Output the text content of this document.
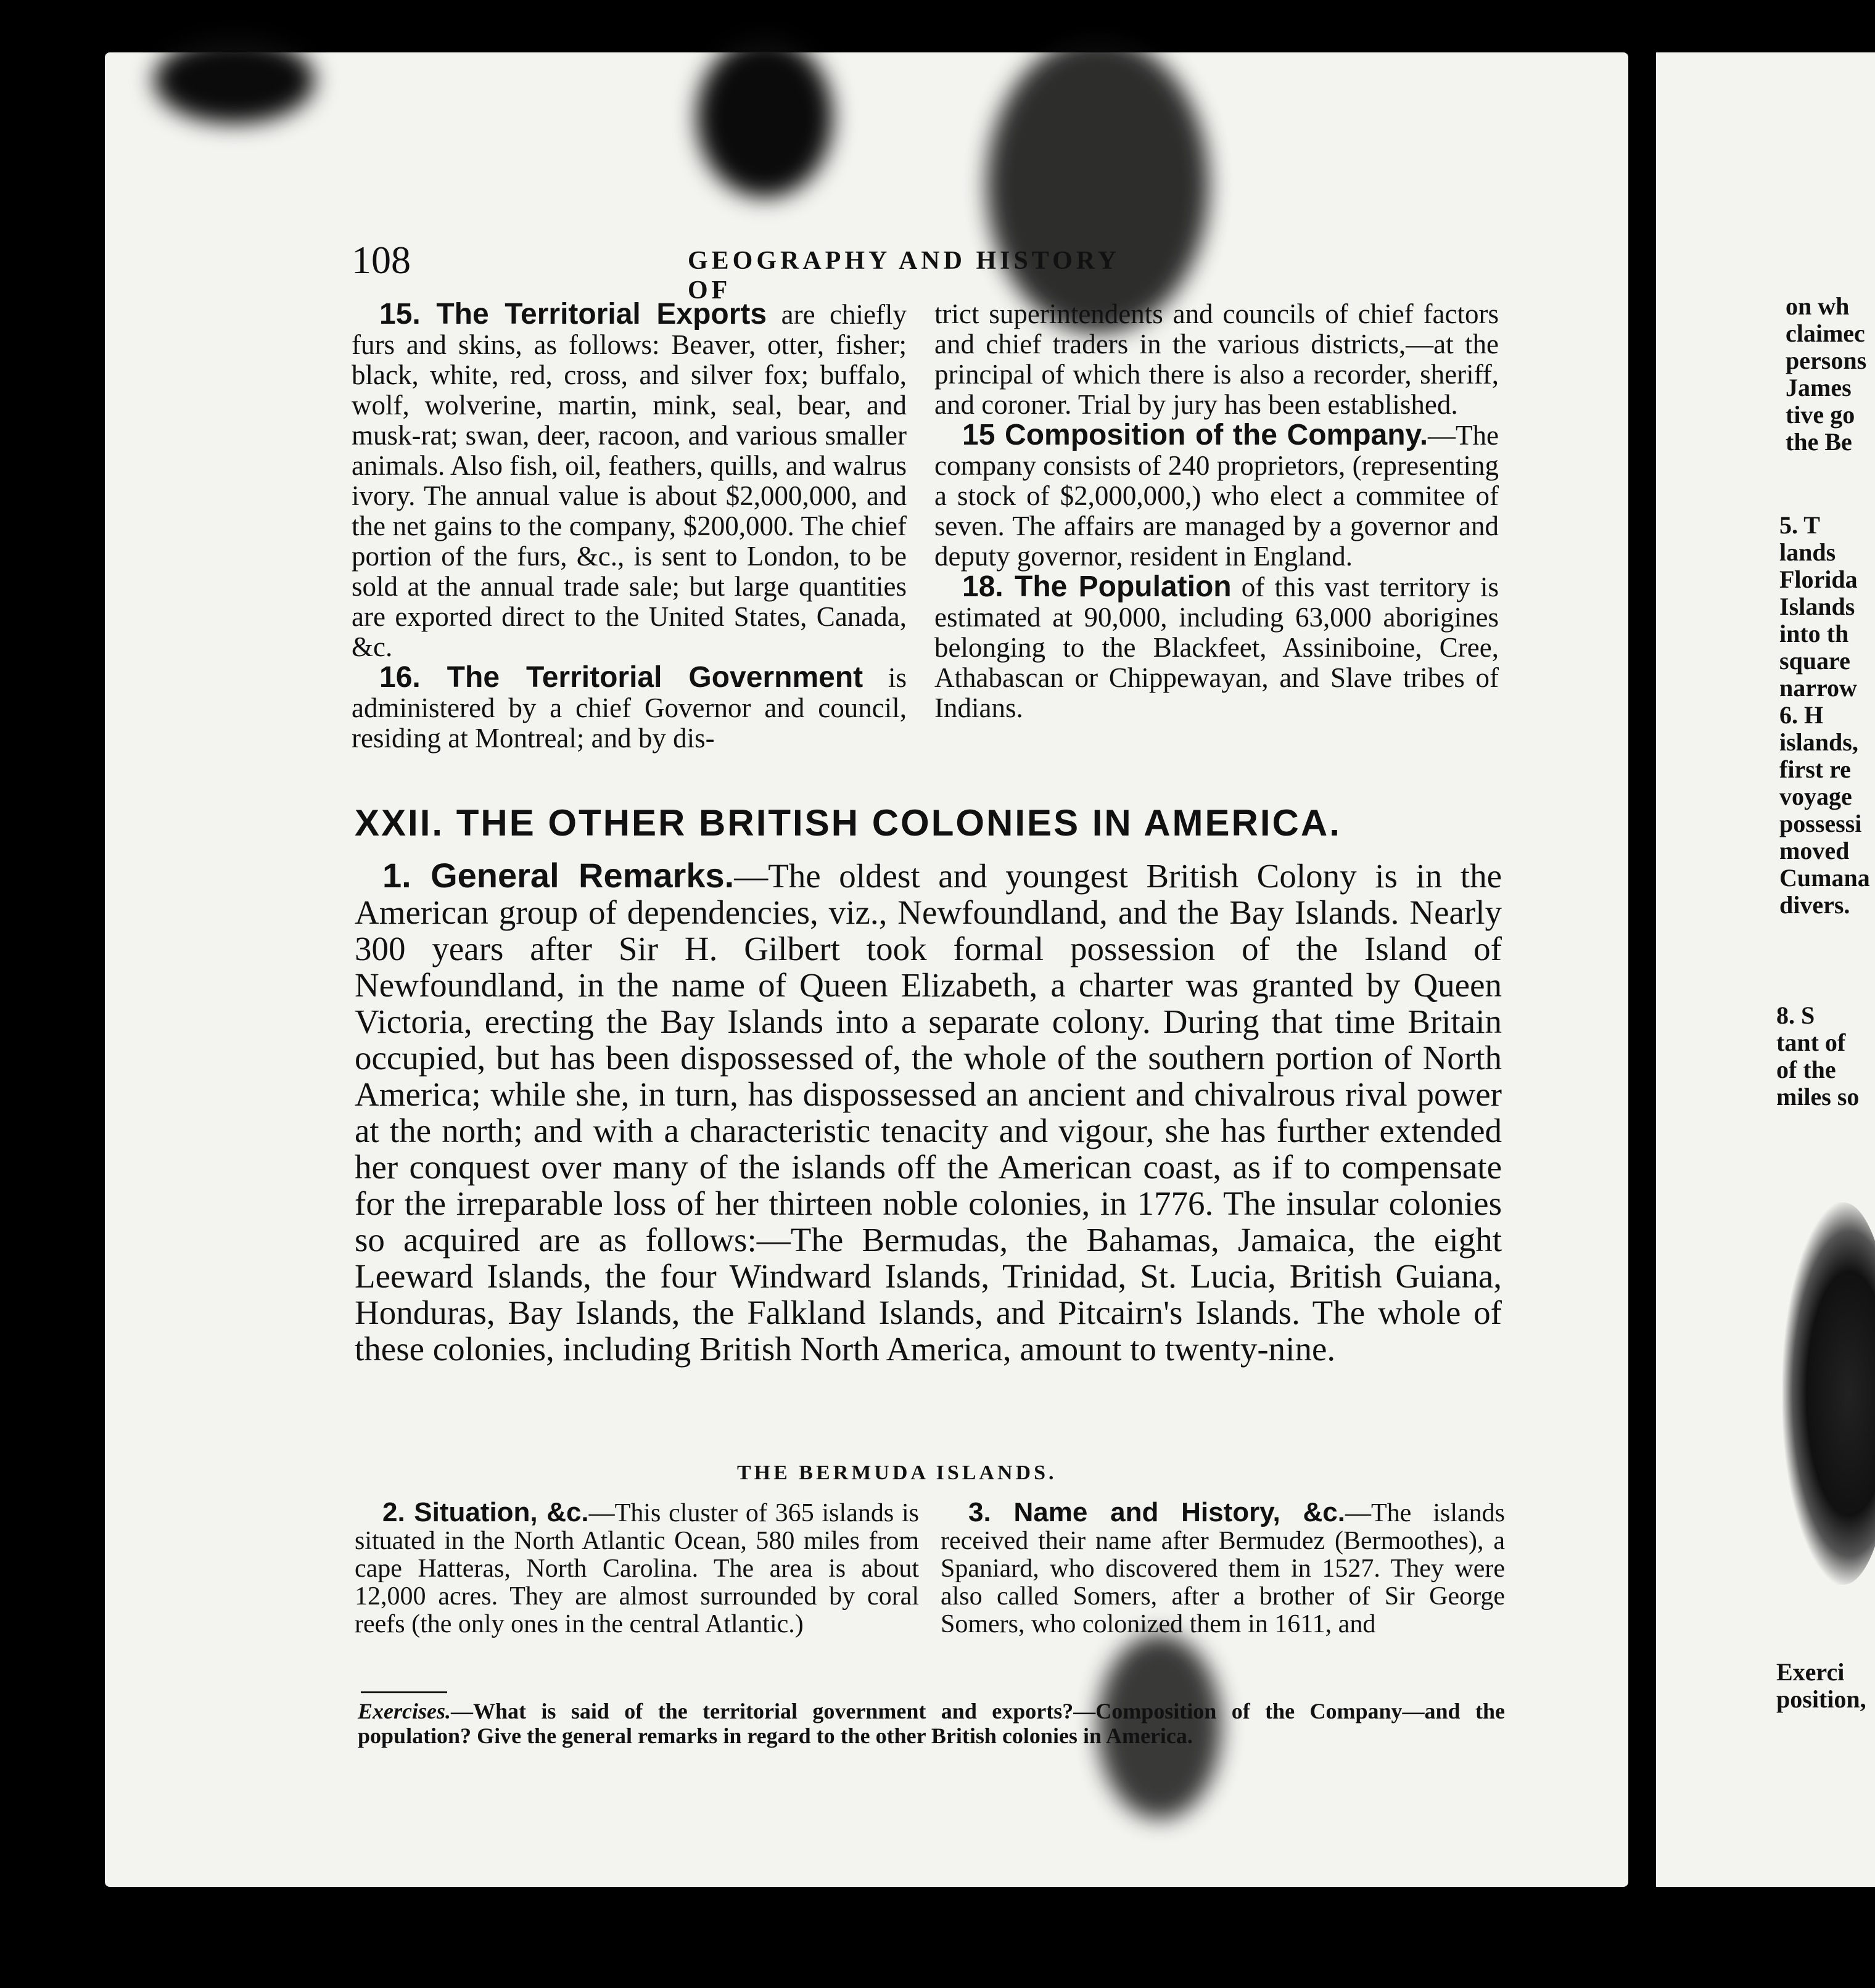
108	GEOGRAPHY AND HISTORY OF

15. The Territorial Exports are chiefly furs and skins, as follows: Beaver, otter, fisher; black, white, red, cross, and silver fox; buffalo, wolf, wolverine, martin, mink, seal, bear, and musk-rat; swan, deer, racoon, and various smaller animals. Also fish, oil, feathers, quills, and walrus ivory. The annual value is about $2,000,000, and the net gains to the company, $200,000. The chief portion of the furs, &c., is sent to London, to be sold at the annual trade sale; but large quantities are exported direct to the United States, Canada, &c.

16. The Territorial Government is administered by a chief Governor and council, residing at Montreal; and by dis-

trict superintendents and councils of chief factors and chief traders in the various districts,—at the principal of which there is also a recorder, sheriff, and coroner. Trial by jury has been established.

15 Composition of the Company.—The company consists of 240 proprietors, (representing a stock of $2,000,000,) who elect a commitee of seven. The affairs are managed by a governor and deputy governor, resident in England.

18. The Population of this vast territory is estimated at 90,000, including 63,000 aborigines belonging to the Blackfeet, Assiniboine, Cree, Athabascan or Chippewayan, and Slave tribes of Indians.

XXII. THE OTHER BRITISH COLONIES IN AMERICA.

1. General Remarks.—The oldest and youngest British Colony is in the American group of dependencies, viz., Newfoundland, and the Bay Islands. Nearly 300 years after Sir H. Gilbert took formal possession of the Island of Newfoundland, in the name of Queen Elizabeth, a charter was granted by Queen Victoria, erecting the Bay Islands into a separate colony. During that time Britain occupied, but has been dispossessed of, the whole of the southern portion of North America; while she, in turn, has dispossessed an ancient and chivalrous rival power at the north; and with a characteristic tenacity and vigour, she has further extended her conquest over many of the islands off the American coast, as if to compensate for the irreparable loss of her thirteen noble colonies, in 1776. The insular colonies so acquired are as follows:—The Bermudas, the Bahamas, Jamaica, the eight Leeward Islands, the four Windward Islands, Trinidad, St. Lucia, British Guiana, Honduras, Bay Islands, the Falkland Islands, and Pitcairn's Islands. The whole of these colonies, including British North America, amount to twenty-nine.

THE BERMUDA ISLANDS.

2. Situation, &c.—This cluster of 365 islands is situated in the North Atlantic Ocean, 580 miles from cape Hatteras, North Carolina. The area is about 12,000 acres. They are almost surrounded by coral reefs (the only ones in the central Atlantic.)

3. Name and History, &c.—The islands received their name after Bermudez (Bermoothes), a Spaniard, who discovered them in 1527. They were also called Somers, after a brother of Sir George Somers, who colonized them in 1611, and

Exercises.—What is said of the territorial government and exports?—Composition of the Company—and the population? Give the general remarks in regard to the other British colonies in America.
on wh
claimec
persons
James
tive go
the Be
5. T
lands
Florida
Islands
into th
square
narrow
6. H
islands,
first re
voyage
possessi
moved
Cumana
divers.
8. S
tant of
of the
miles so
Exerci
position,
